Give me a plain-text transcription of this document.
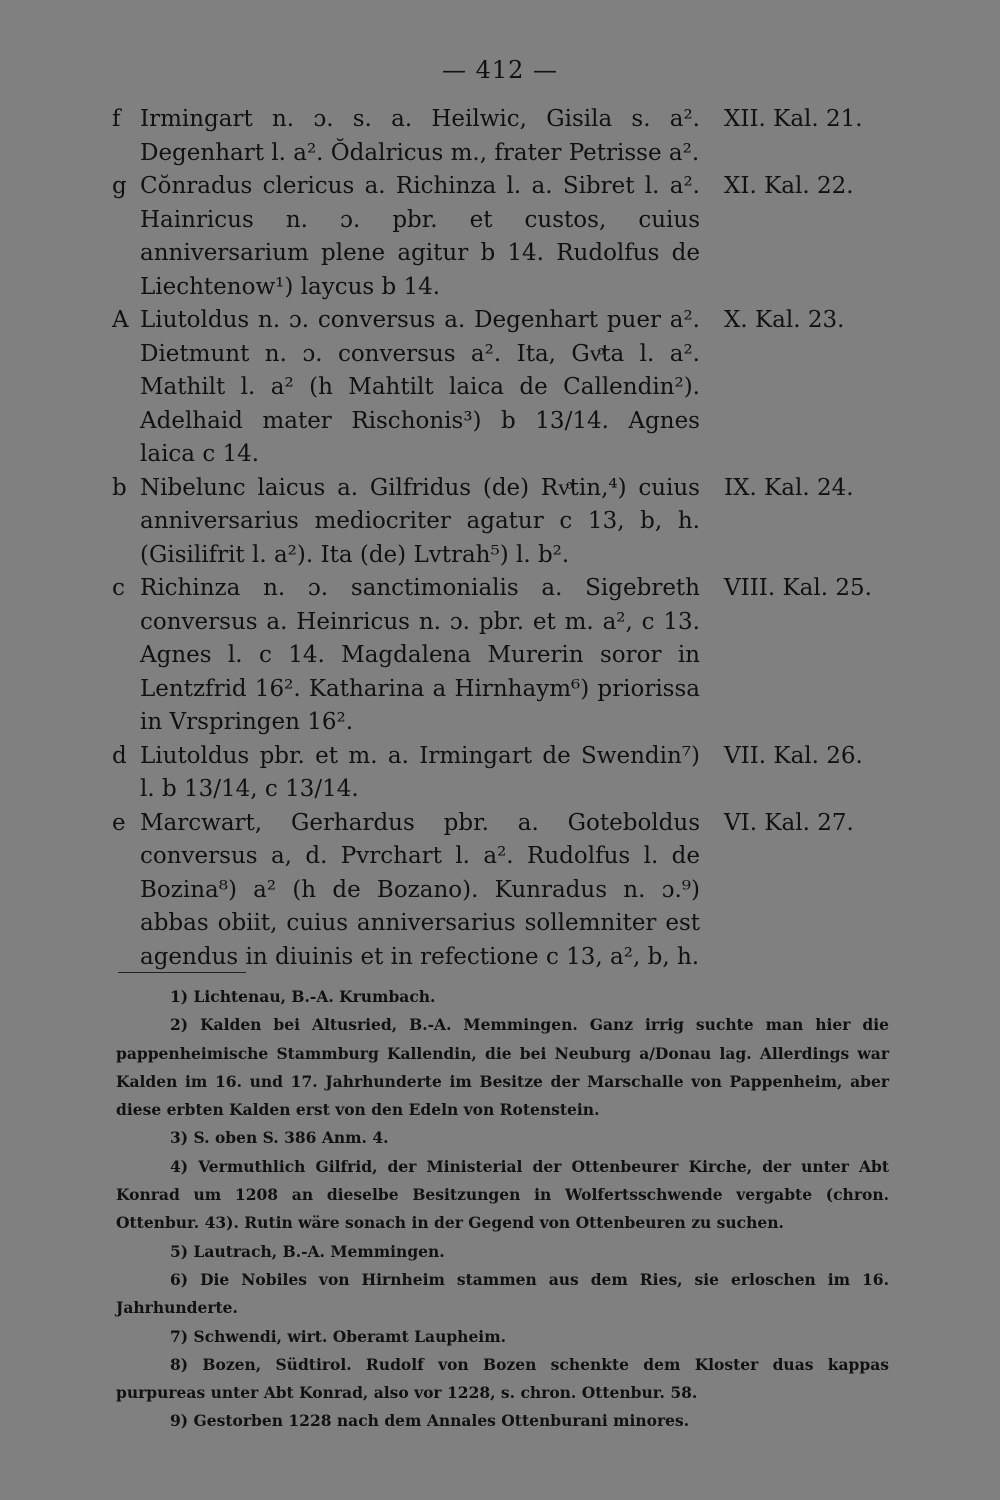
— 412 —
f Irmingart n. ɔ. s. a. Heilwic, Gisila s. a². Degenhart l. a². Ŏdalricus m., frater Petrisse a².
XII. Kal. 21.
g Cŏnradus clericus a. Richinza l. a. Sibret l. a². Hainricus n. ɔ. pbr. et custos, cuius anniversarium plene agitur b 14. Rudolfus de Liechtenow¹) laycus b 14.
XI. Kal. 22.
A Liutoldus n. ɔ. conversus a. Degenhart puer a². Dietmunt n. ɔ. conversus a². Ita, Gvͦta l. a². Mathilt l. a² (h Mahtilt laica de Callendin²). Adelhaid mater Rischonis³) b 13/14. Agnes laica c 14.
X. Kal. 23.
b Nibelunc laicus a. Gilfridus (de) Rvͦtin,⁴) cuius anniversarius mediocriter agatur c 13, b, h. (Gisilifrit l. a²). Ita (de) Lvtrah⁵) l. b².
IX. Kal. 24.
c Richinza n. ɔ. sanctimonialis a. Sigebreth conversus a. Heinricus n. ɔ. pbr. et m. a², c 13. Agnes l. c 14. Magdalena Murerin soror in Lentzfrid 16². Katharina a Hirnhaym⁶) priorissa in Vrspringen 16².
VIII. Kal. 25.
d Liutoldus pbr. et m. a. Irmingart de Swendin⁷) l. b 13/14, c 13/14.
VII. Kal. 26.
e Marcwart, Gerhardus pbr. a. Goteboldus conversus a, d. Pvrchart l. a². Rudolfus l. de Bozina⁸) a² (h de Bozano). Kunradus n. ɔ.⁹) abbas obiit, cuius anniversarius sollemniter est agendus in diuinis et in refectione c 13, a², b, h.
VI. Kal. 27.
1) Lichtenau, B.-A. Krumbach.
2) Kalden bei Altusried, B.-A. Memmingen. Ganz irrig suchte man hier die pappenheimische Stammburg Kallendin, die bei Neuburg a/Donau lag. Allerdings war Kalden im 16. und 17. Jahrhunderte im Besitze der Marschalle von Pappenheim, aber diese erbten Kalden erst von den Edeln von Rotenstein.
3) S. oben S. 386 Anm. 4.
4) Vermuthlich Gilfrid, der Ministerial der Ottenbeurer Kirche, der unter Abt Konrad um 1208 an dieselbe Besitzungen in Wolfertsschwende vergabte (chron. Ottenbur. 43). Rutin wäre sonach in der Gegend von Ottenbeuren zu suchen.
5) Lautrach, B.-A. Memmingen.
6) Die Nobiles von Hirnheim stammen aus dem Ries, sie erloschen im 16. Jahrhunderte.
7) Schwendi, wirt. Oberamt Laupheim.
8) Bozen, Südtirol. Rudolf von Bozen schenkte dem Kloster duas kappas purpureas unter Abt Konrad, also vor 1228, s. chron. Ottenbur. 58.
9) Gestorben 1228 nach dem Annales Ottenburani minores.
